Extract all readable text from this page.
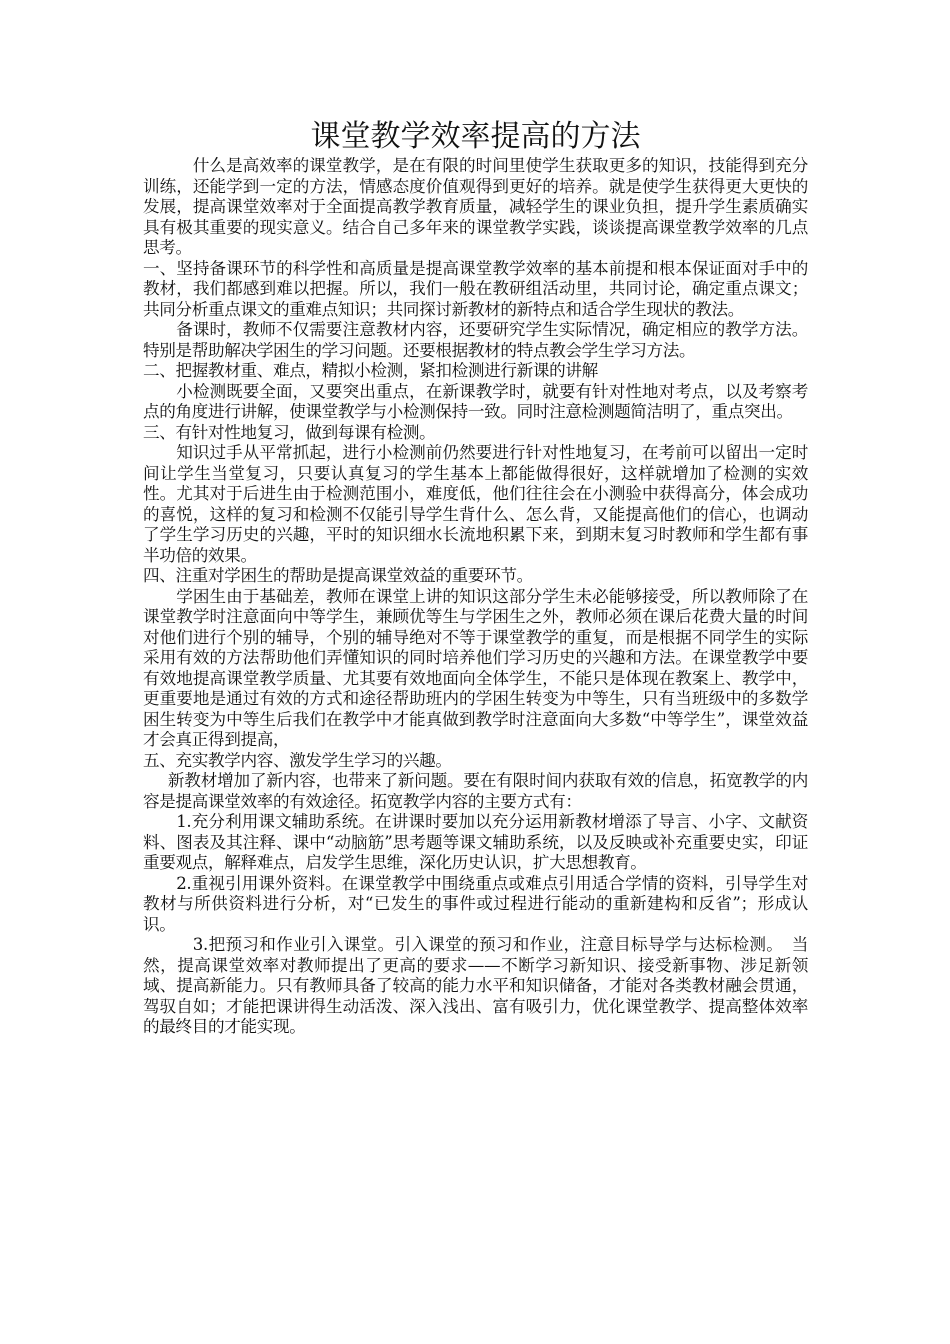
课堂教学效率提高的方法

什么是高效率的课堂教学，是在有限的时间里使学生获取更多的知识，技能得到充分训练，还能学到一定的方法，情感态度价值观得到更好的培养。就是使学生获得更大更快的发展，提高课堂效率对于全面提高教学教育质量，减轻学生的课业负担，提升学生素质确实具有极其重要的现实意义。结合自己多年来的课堂教学实践，谈谈提高课堂教学效率的几点思考。

一、坚持备课环节的科学性和高质量是提高课堂教学效率的基本前提和根本保证面对手中的教材，我们都感到难以把握。所以，我们一般在教研组活动里，共同讨论，确定重点课文；共同分析重点课文的重难点知识；共同探讨新教材的新特点和适合学生现状的教法。

备课时，教师不仅需要注意教材内容，还要研究学生实际情况，确定相应的教学方法。特别是帮助解决学困生的学习问题。还要根据教材的特点教会学生学习方法。

二、把握教材重、难点，精拟小检测，紧扣检测进行新课的讲解

小检测既要全面，又要突出重点，在新课教学时，就要有针对性地对考点，以及考察考点的角度进行讲解，使课堂教学与小检测保持一致。同时注意检测题简洁明了，重点突出。

三、有针对性地复习，做到每课有检测。

知识过手从平常抓起，进行小检测前仍然要进行针对性地复习，在考前可以留出一定时间让学生当堂复习，只要认真复习的学生基本上都能做得很好，这样就增加了检测的实效性。尤其对于后进生由于检测范围小，难度低，他们往往会在小测验中获得高分，体会成功的喜悦，这样的复习和检测不仅能引导学生背什么、怎么背，又能提高他们的信心，也调动了学生学习历史的兴趣，平时的知识细水长流地积累下来，到期末复习时教师和学生都有事半功倍的效果。

四、注重对学困生的帮助是提高课堂效益的重要环节。

学困生由于基础差，教师在课堂上讲的知识这部分学生未必能够接受，所以教师除了在课堂教学时注意面向中等学生，兼顾优等生与学困生之外，教师必须在课后花费大量的时间对他们进行个别的辅导，个别的辅导绝对不等于课堂教学的重复，而是根据不同学生的实际采用有效的方法帮助他们弄懂知识的同时培养他们学习历史的兴趣和方法。在课堂教学中要有效地提高课堂教学质量、尤其要有效地面向全体学生，不能只是体现在教案上、教学中，更重要地是通过有效的方式和途径帮助班内的学困生转变为中等生，只有当班级中的多数学困生转变为中等生后我们在教学中才能真做到教学时注意面向大多数“中等学生”，课堂效益才会真正得到提高，

五、充实教学内容、激发学生学习的兴趣。

新教材增加了新内容，也带来了新问题。要在有限时间内获取有效的信息，拓宽教学的内容是提高课堂效率的有效途径。拓宽教学内容的主要方式有：

1.充分利用课文辅助系统。在讲课时要加以充分运用新教材增添了导言、小字、文献资料、图表及其注释、课中“动脑筋”思考题等课文辅助系统，以及反映或补充重要史实，印证重要观点，解释难点，启发学生思维，深化历史认识，扩大思想教育。

2.重视引用课外资料。在课堂教学中围绕重点或难点引用适合学情的资料，引导学生对教材与所供资料进行分析，对“已发生的事件或过程进行能动的重新建构和反省”；形成认识。

3.把预习和作业引入课堂。引入课堂的预习和作业，注意目标导学与达标检测。　当然，提高课堂效率对教师提出了更高的要求——不断学习新知识、接受新事物、涉足新领域、提高新能力。只有教师具备了较高的能力水平和知识储备，才能对各类教材融会贯通，驾驭自如；才能把课讲得生动活泼、深入浅出、富有吸引力，优化课堂教学、提高整体效率的最终目的才能实现。
